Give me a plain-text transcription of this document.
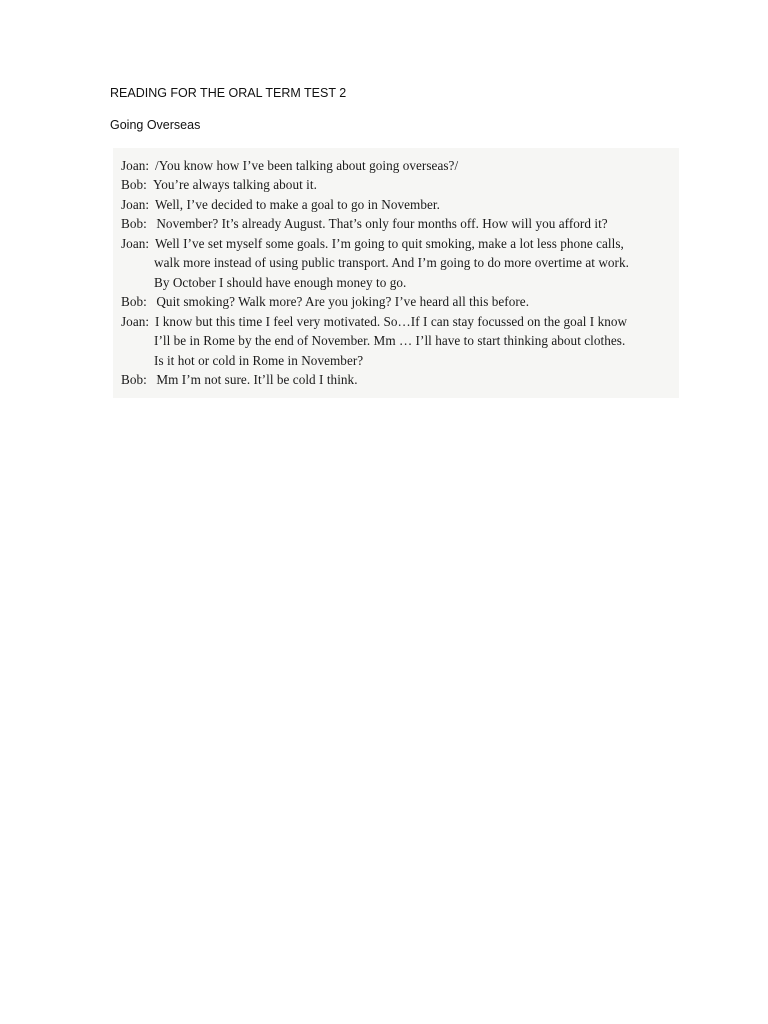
READING FOR THE ORAL TERM TEST 2
Going Overseas
Joan: /You know how I’ve been talking about going overseas?/
Bob: You’re always talking about it.
Joan: Well, I’ve decided to make a goal to go in November.
Bob: November? It’s already August. That’s only four months off. How will you afford it?
Joan: Well I’ve set myself some goals. I’m going to quit smoking, make a lot less phone calls,
walk more instead of using public transport. And I’m going to do more overtime at work.
By October I should have enough money to go.
Bob: Quit smoking? Walk more? Are you joking? I’ve heard all this before.
Joan: I know but this time I feel very motivated. So…If I can stay focussed on the goal I know
I’ll be in Rome by the end of November. Mm … I’ll have to start thinking about clothes.
Is it hot or cold in Rome in November?
Bob: Mm I’m not sure. It’ll be cold I think.
